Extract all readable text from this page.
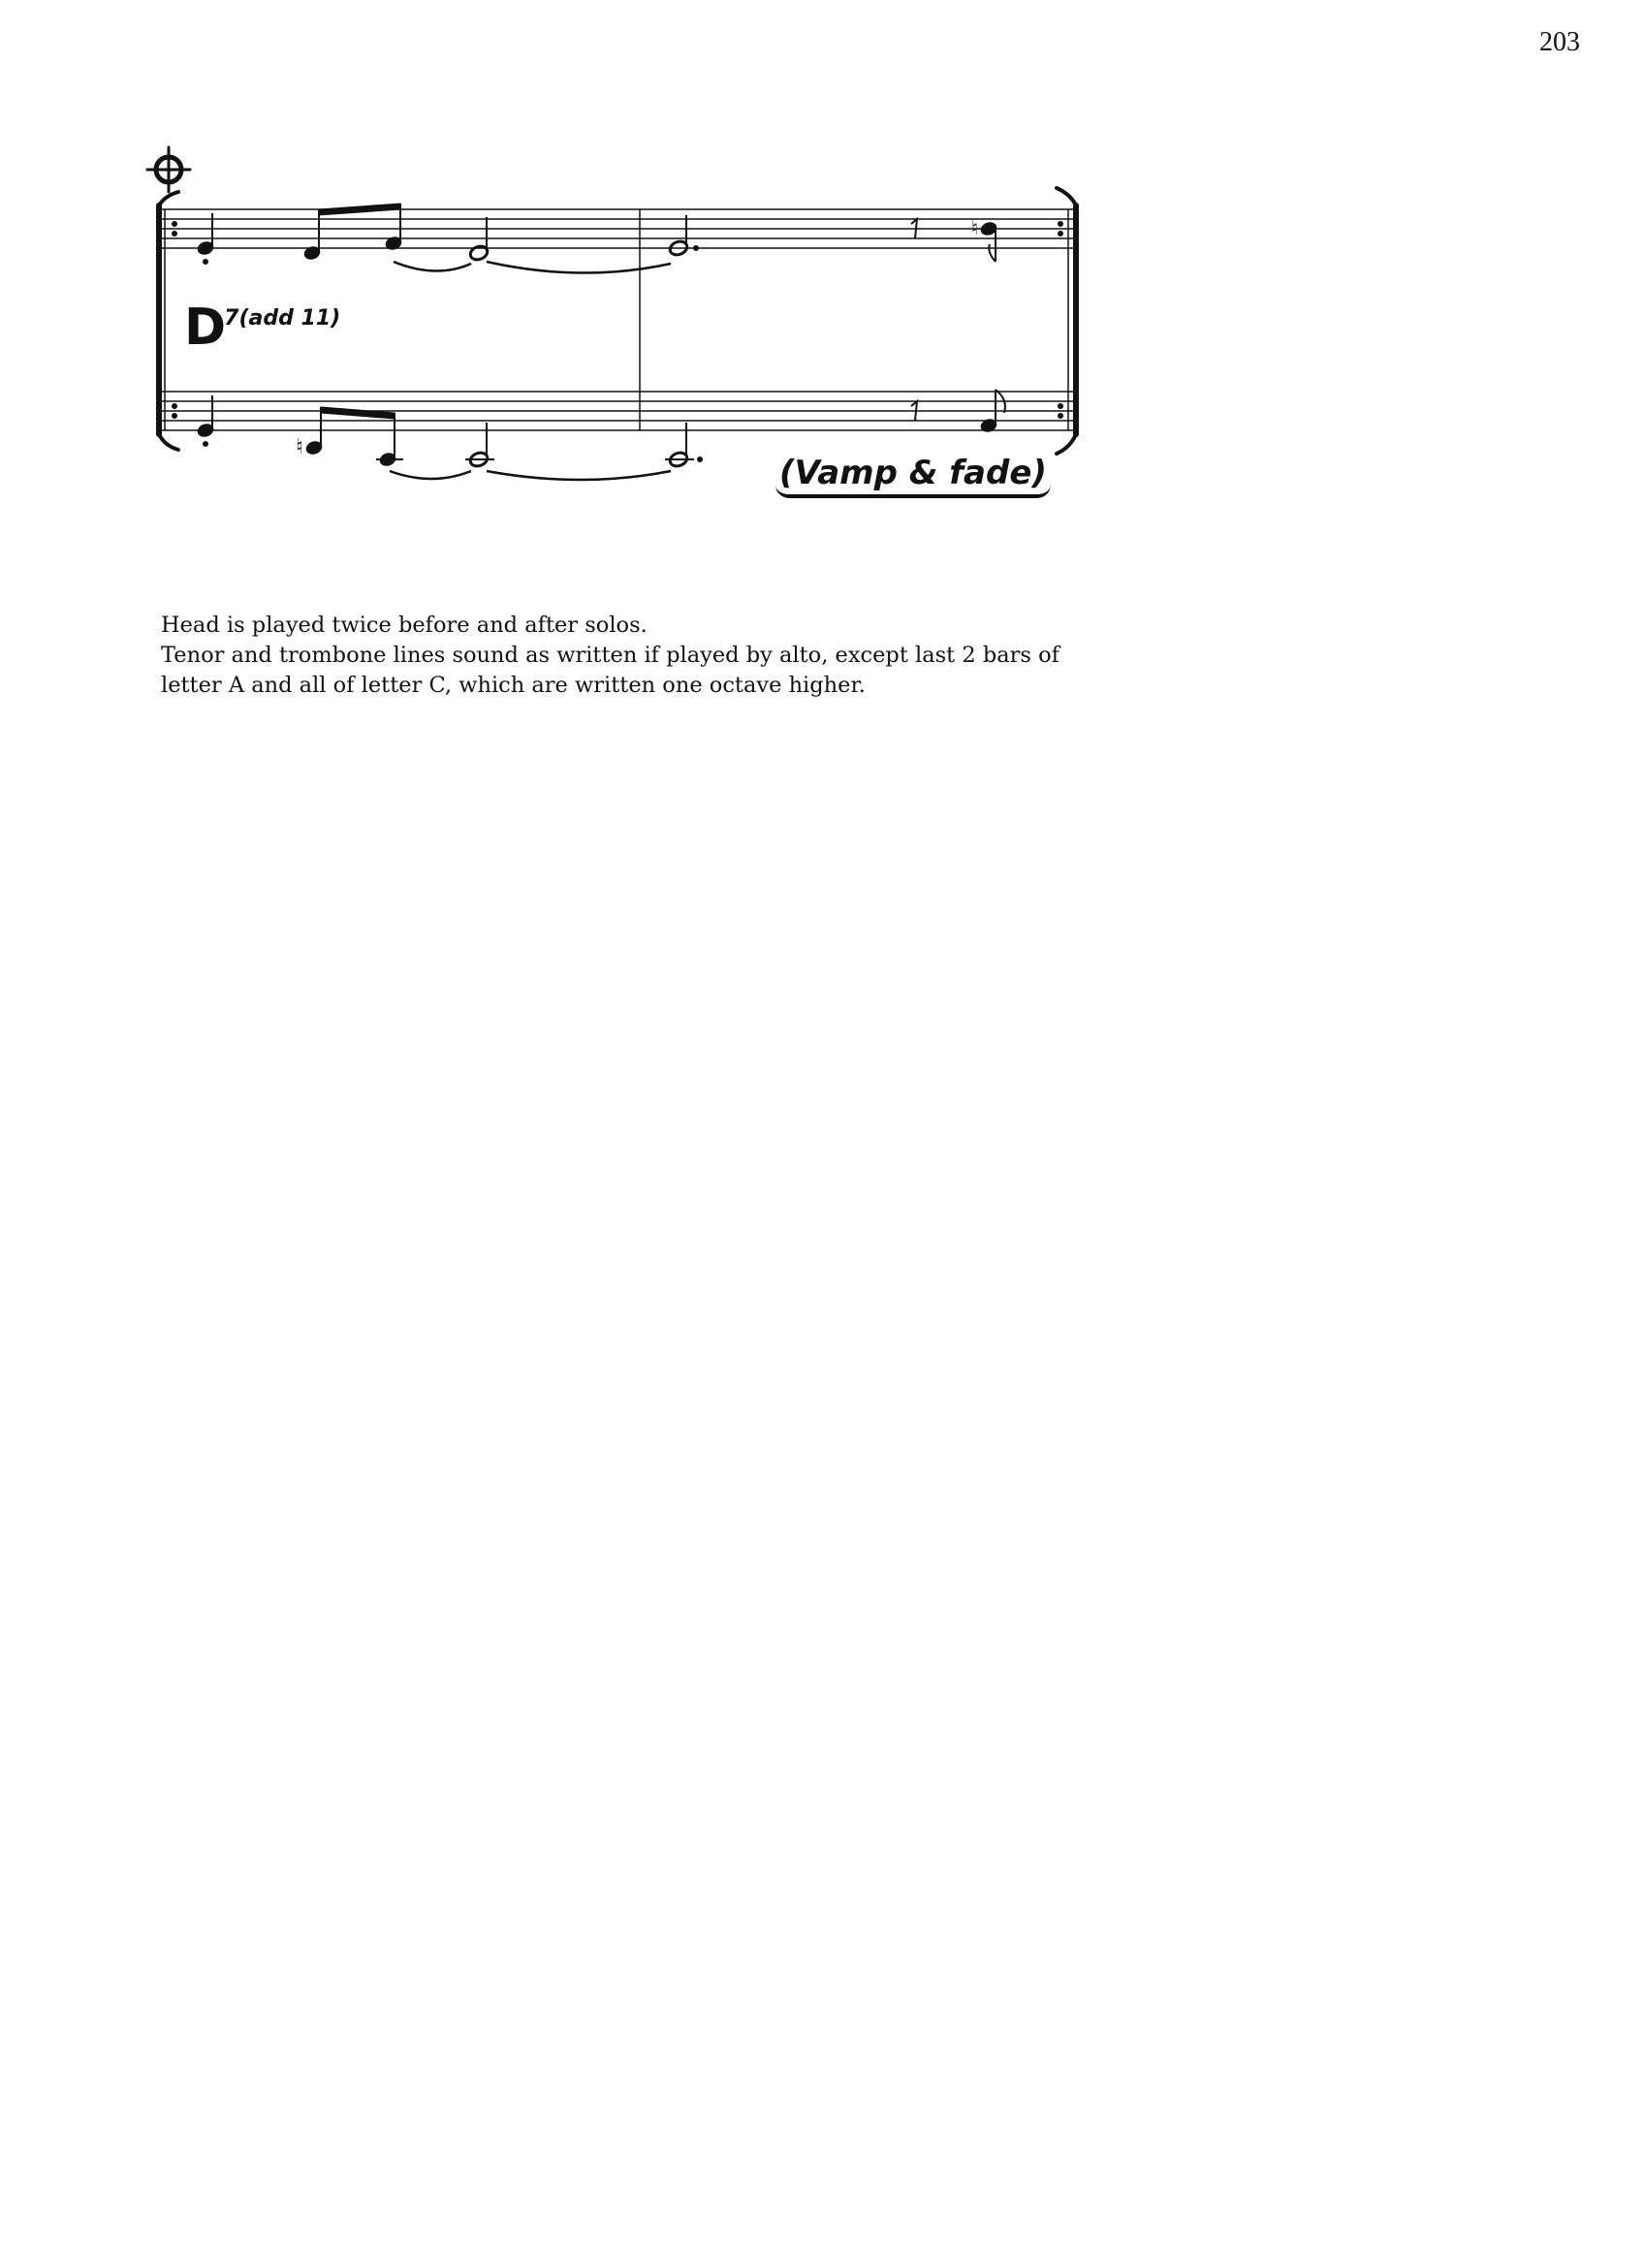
203
♮
♮
D7(add 11)
(Vamp & fade)

Head is played twice before and after solos.

Tenor and trombone lines sound as written if played by alto, except last 2 bars of

letter A and all of letter C, which are written one octave higher.
